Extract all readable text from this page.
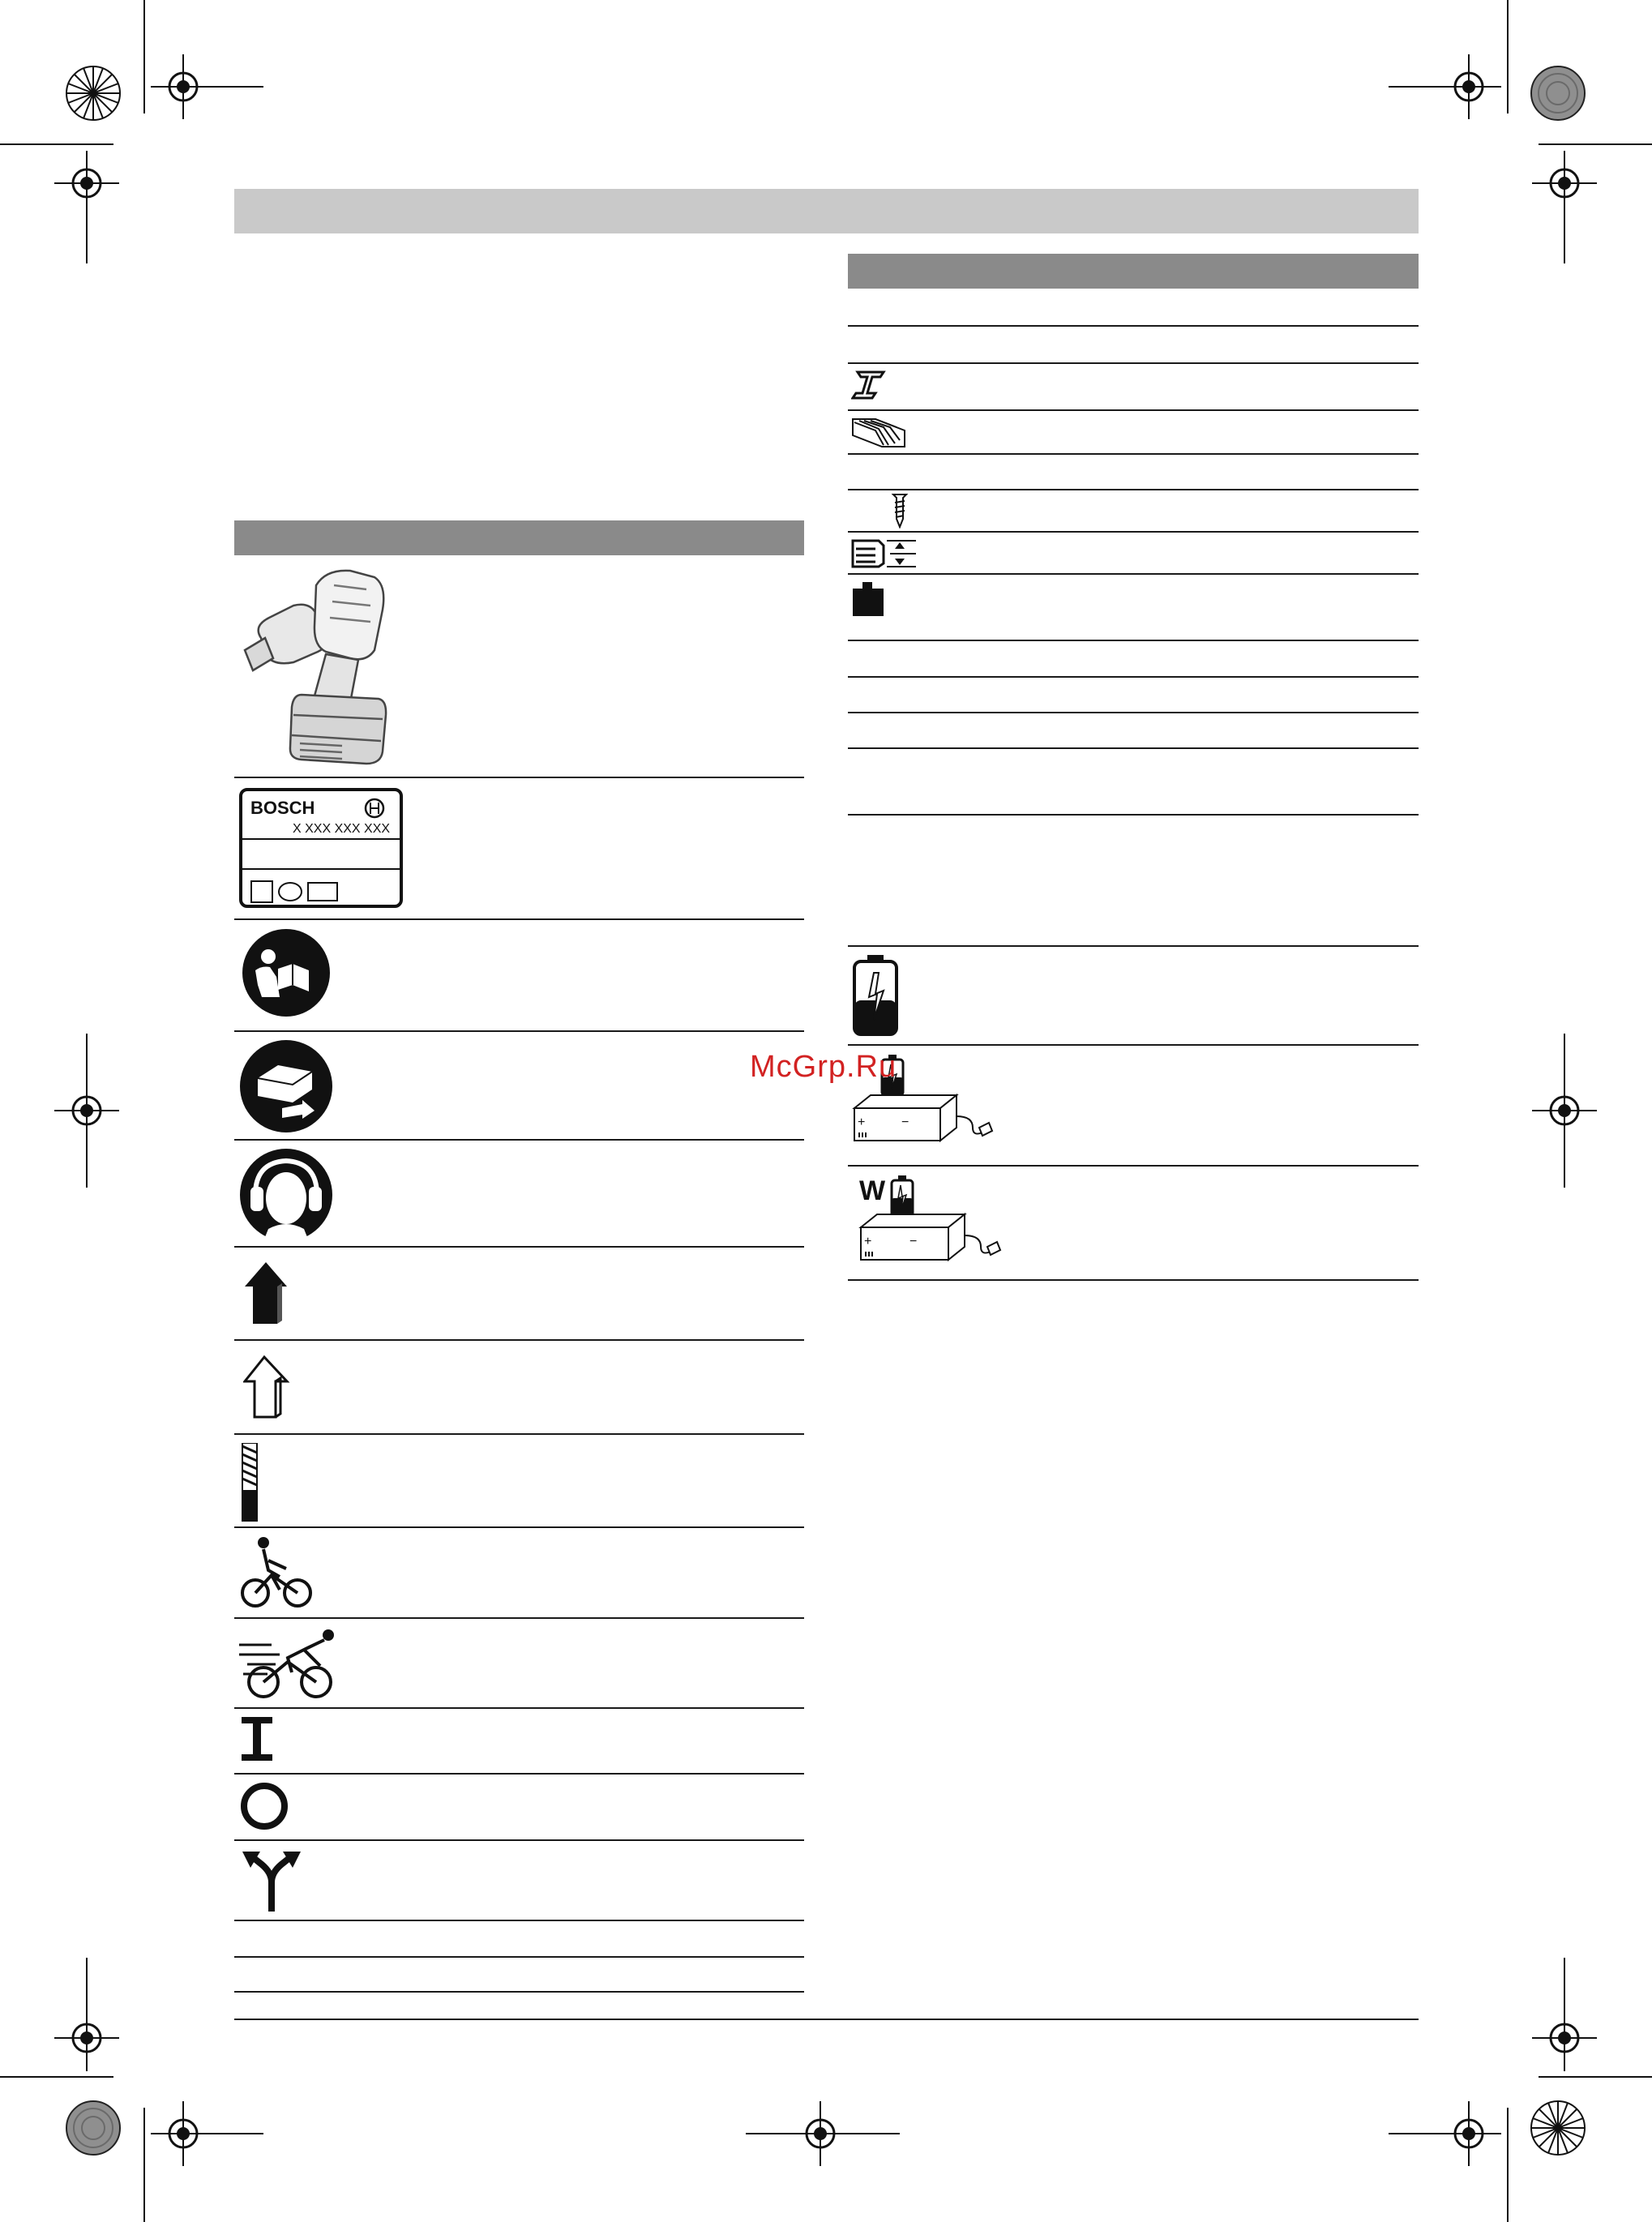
BOSCH
X XXX XXX XXX
+	−
W
+	−
McGrp.Ru
